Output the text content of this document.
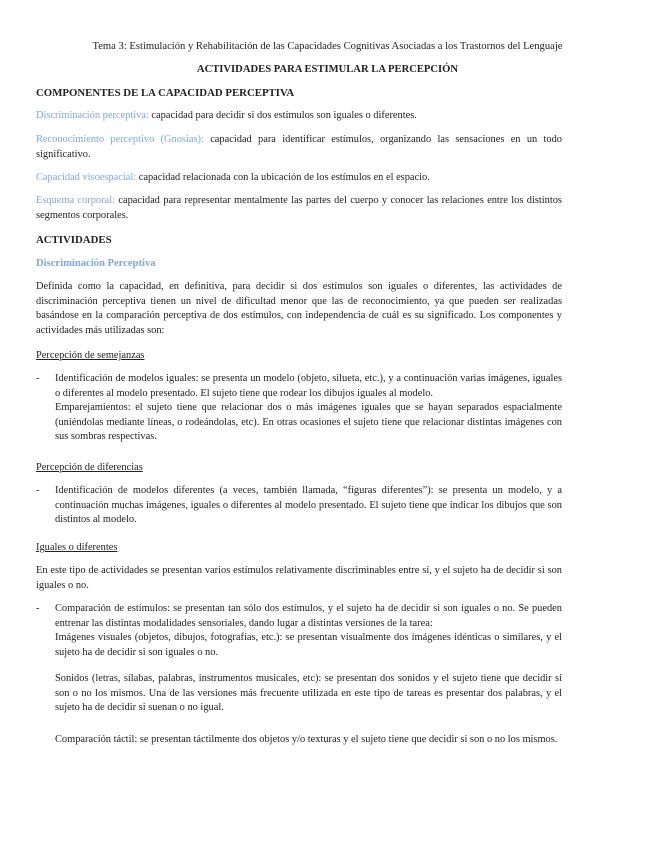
Tema 3: Estimulación y Rehabilitación de las Capacidades Cognitivas Asociadas a los Trastornos del Lenguaje
ACTIVIDADES PARA ESTIMULAR LA PERCEPCIÓN
COMPONENTES DE LA CAPACIDAD PERCEPTIVA
Discriminación perceptiva: capacidad para decidir si dos estímulos son iguales o diferentes.
Reconocimiento perceptivo (Gnosias): capacidad para identificar estímulos, organizando las sensaciones en un todo significativo.
Capacidad visoespacial: capacidad relacionada con la ubicación de los estímulos en el espacio.
Esquema corporal: capacidad para representar mentalmente las partes del cuerpo y conocer las relaciones entre los distintos segmentos corporales.
ACTIVIDADES
Discriminación Perceptiva
Definida como la capacidad, en definitiva, para decidir si dos estímulos son iguales o diferentes, las actividades de discriminación perceptiva tienen un nivel de dificultad menor que las de reconocimiento, ya que pueden ser realizadas basándose en la comparación perceptiva de dos estímulos, con independencia de cuál es su significado. Los componentes y actividades más utilizadas son:
Percepción de semejanzas
- Identificación de modelos iguales: se presenta un modelo (objeto, silueta, etc.), y a continuación varias imágenes, iguales o diferentes al modelo presentado. El sujeto tiene que rodear los dibujos iguales al modelo.

Emparejamientos: el sujeto tiene que relacionar dos o más imágenes iguales que se hayan separados espacialmente (uniéndolas mediante líneas, o rodeándolas, etc). En otras ocasiones el sujeto tiene que relacionar distintas imágenes con sus sombras respectivas.

Percepción de diferencias
- Identificación de modelos diferentes (a veces, también llamada, “figuras diferentes”): se presenta un modelo, y a continuación muchas imágenes, iguales o diferentes al modelo presentado. El sujeto tiene que indicar los dibujos que son distintos al modelo.

Iguales o diferentes
En este tipo de actividades se presentan varios estímulos relativamente discriminables entre sí, y el sujeto ha de decidir si son iguales o no.
- Comparación de estímulos: se presentan tan sólo dos estímulos, y el sujeto ha de decidir si son iguales o no. Se pueden entrenar las distintas modalidades sensoriales, dando lugar a distintas versiones de la tarea:

Imágenes visuales (objetos, dibujos, fotografías, etc.): se presentan visualmente dos imágenes idénticas o similares, y el sujeto ha de decidir si son iguales o no.

Sonidos (letras, sílabas, palabras, instrumentos musicales, etc): se presentan dos sonidos y el sujeto tiene que decidir si son o no los mismos. Una de las versiones más frecuente utilizada en este tipo de tareas es presentar dos palabras, y el sujeto ha de decidir si suenan o no igual.
Comparación táctil: se presentan táctilmente dos objetos y/o texturas y el sujeto tiene que decidir si son o no los mismos.
